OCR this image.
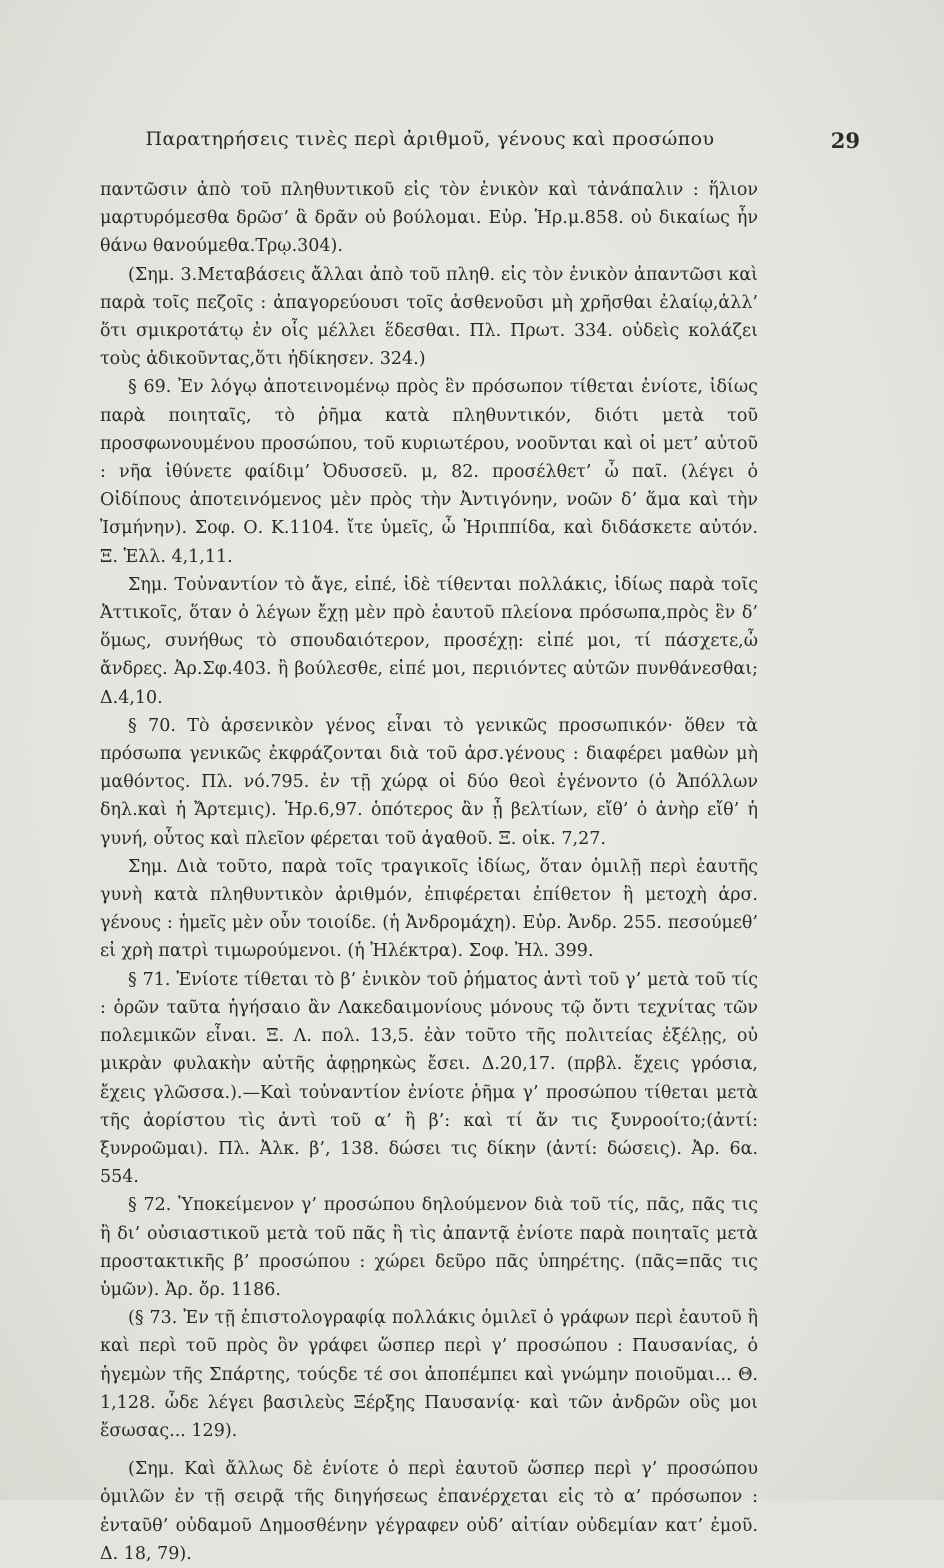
Παρατηρήσεις τινὲς περὶ ἀριθμοῦ, γένους καὶ προσώπου	29

παντῶσιν ἀπὸ τοῦ πληθυντικοῦ εἰς τὸν ἑνικὸν καὶ τἀνάπαλιν : ἥλιον μαρτυρόμεσθα δρῶσ’ ἃ δρᾶν οὐ βούλομαι. Εὐρ. Ἡρ.μ.858. οὐ δικαίως ἦν θάνω θανούμεθα.Τρῳ.304).

(Σημ. 3.Μεταβάσεις ἄλλαι ἀπὸ τοῦ πληθ. εἰς τὸν ἑνικὸν ἀπαντῶσι καὶ παρὰ τοῖς πεζοῖς : ἀπαγορεύουσι τοῖς ἀσθενοῦσι μὴ χρῆσθαι ἐλαίῳ,ἀλλ’ ὅτι σμικροτάτῳ ἐν οἷς μέλλει ἕδεσθαι. Πλ. Πρωτ. 334. οὐδεὶς κολάζει τοὺς ἀδικοῦντας,ὅτι ἠδίκησεν. 324.)

§ 69. Ἐν λόγῳ ἀποτεινομένῳ πρὸς ἓν πρόσωπον τίθεται ἐνίοτε, ἰδίως παρὰ ποιηταῖς, τὸ ῥῆμα κατὰ πληθυντικόν, διότι μετὰ τοῦ προσφωνουμένου προσώπου, τοῦ κυριωτέρου, νοοῦνται καὶ οἱ μετ’ αὐτοῦ : νῆα ἰθύνετε φαίδιμ’ Ὀδυσσεῦ. μ, 82. προσέλθετ’ ὦ παῖ. (λέγει ὁ Οἰδίπους ἀποτεινόμενος μὲν πρὸς τὴν Ἀντιγόνην, νοῶν δ’ ἅμα καὶ τὴν Ἰσμήνην). Σοφ. Ο. Κ.1104. ἴτε ὑμεῖς, ὦ Ἡριππίδα, καὶ διδάσκετε αὐτόν. Ξ. Ἑλλ. 4,1,11.

Σημ. Τοὐναντίον τὸ ἄγε, εἰπέ, ἰδὲ τίθενται πολλάκις, ἰδίως παρὰ τοῖς Ἀττικοῖς, ὅταν ὁ λέγων ἔχῃ μὲν πρὸ ἑαυτοῦ πλείονα πρόσωπα,πρὸς ἓν δ’ ὅμως, συνήθως τὸ σπουδαιότερον, προσέχῃ: εἰπέ μοι, τί πάσχετε,ὦ ἄνδρες. Ἀρ.Σφ.403. ἢ βούλεσθε, εἰπέ μοι, περιιόντες αὐτῶν πυνθάνεσθαι; Δ.4,10.

§ 70. Τὸ ἀρσενικὸν γένος εἶναι τὸ γενικῶς προσωπικόν· ὅθεν τὰ πρόσωπα γενικῶς ἐκφράζονται διὰ τοῦ ἀρσ.γένους : διαφέρει μαθὼν μὴ μαθόντος. Πλ. νό.795. ἐν τῇ χώρᾳ οἱ δύο θεοὶ ἐγένοντο (ὁ Ἀπόλλων δηλ.καὶ ἡ Ἄρτεμις). Ἡρ.6,97. ὁπότερος ἂν ᾖ βελτίων, εἴθ’ ὁ ἀνὴρ εἴθ’ ἡ γυνή, οὗτος καὶ πλεῖον φέρεται τοῦ ἀγαθοῦ. Ξ. οἰκ. 7,27.

Σημ. Διὰ τοῦτο, παρὰ τοῖς τραγικοῖς ἰδίως, ὅταν ὁμιλῇ περὶ ἑαυτῆς γυνὴ κατὰ πληθυντικὸν ἀριθμόν, ἐπιφέρεται ἐπίθετον ἢ μετοχὴ ἀρσ. γένους : ἡμεῖς μὲν οὖν τοιοίδε. (ἡ Ἀνδρομάχη). Εὐρ. Ἀνδρ. 255. πεσούμεθ’ εἰ χρὴ πατρὶ τιμωρούμενοι. (ἡ Ἠλέκτρα). Σοφ. Ἠλ. 399.

§ 71. Ἐνίοτε τίθεται τὸ β’ ἑνικὸν τοῦ ῥήματος ἀντὶ τοῦ γ’ μετὰ τοῦ τίς : ὁρῶν ταῦτα ἡγήσαιο ἂν Λακεδαιμονίους μόνους τῷ ὄντι τεχνίτας τῶν πολεμικῶν εἶναι. Ξ. Λ. πολ. 13,5. ἐὰν τοῦτο τῆς πολιτείας ἐξέλῃς, οὐ μικρὰν φυλακὴν αὐτῆς ἀφῃρηκὼς ἔσει. Δ.20,17. (πρβλ. ἔχεις γρόσια, ἔχεις γλῶσσα.).—Καὶ τοὐναντίον ἐνίοτε ῥῆμα γ’ προσώπου τίθεται μετὰ τῆς ἀορίστου τὶς ἀντὶ τοῦ α’ ἢ β’: καὶ τί ἄν τις ξυνροοίτο;(ἀντί: ξυνροῶμαι). Πλ. Ἀλκ. β’, 138. δώσει τις δίκην (ἀντί: δώσεις). Ἀρ. 6α. 554.

§ 72. Ὑποκείμενον γ’ προσώπου δηλούμενον διὰ τοῦ τίς, πᾶς, πᾶς τις ἢ δι’ οὐσιαστικοῦ μετὰ τοῦ πᾶς ἢ τὶς ἀπαντᾷ ἐνίοτε παρὰ ποιηταῖς μετὰ προστακτικῆς β’ προσώπου : χώρει δεῦρο πᾶς ὑπηρέτης. (πᾶς=πᾶς τις ὑμῶν). Ἀρ. ὄρ. 1186.

(§ 73. Ἐν τῇ ἐπιστολογραφίᾳ πολλάκις ὁμιλεῖ ὁ γράφων περὶ ἑαυτοῦ ἢ καὶ περὶ τοῦ πρὸς ὃν γράφει ὥσπερ περὶ γ’ προσώπου : Παυσανίας, ὁ ἡγεμὼν τῆς Σπάρτης, τούςδε τέ σοι ἀποπέμπει καὶ γνώμην ποιοῦμαι... Θ. 1,128. ὧδε λέγει βασιλεὺς Ξέρξης Παυσανίᾳ· καὶ τῶν ἀνδρῶν οὓς μοι ἔσωσας... 129).

(Σημ. Καὶ ἄλλως δὲ ἐνίοτε ὁ περὶ ἑαυτοῦ ὥσπερ περὶ γ’ προσώπου ὁμιλῶν ἐν τῇ σειρᾷ τῆς διηγήσεως ἐπανέρχεται εἰς τὸ α’ πρόσωπον : ἐνταῦθ’ οὐδαμοῦ Δημοσθένην γέγραφεν οὐδ’ αἰτίαν οὐδεμίαν κατ’ ἐμοῦ. Δ. 18, 79).
